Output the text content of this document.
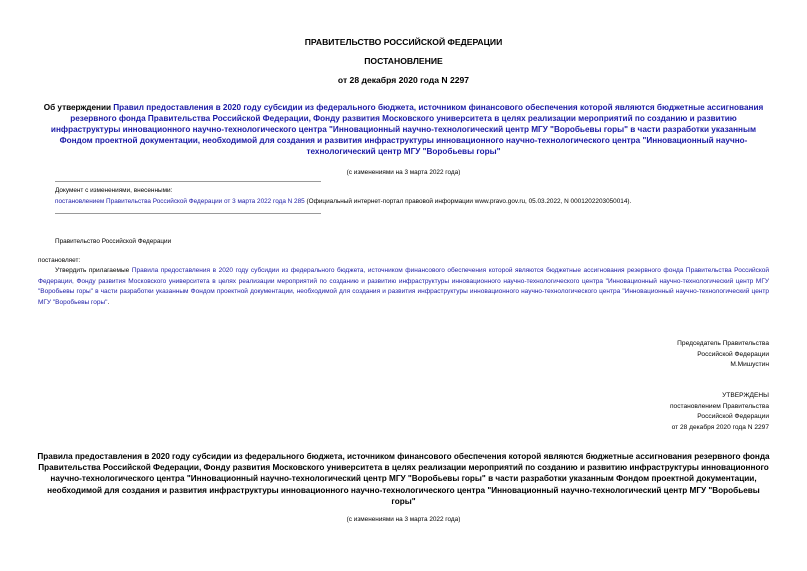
ПРАВИТЕЛЬСТВО РОССИЙСКОЙ ФЕДЕРАЦИИ
ПОСТАНОВЛЕНИЕ
от 28 декабря 2020 года N 2297
Об утверждении Правил предоставления в 2020 году субсидии из федерального бюджета, источником финансового обеспечения которой являются бюджетные ассигнования резервного фонда Правительства Российской Федерации, Фонду развития Московского университета в целях реализации мероприятий по созданию и развитию инфраструктуры инновационного научно-технологического центра "Инновационный научно-технологический центр МГУ "Воробьевы горы" в части разработки указанным Фондом проектной документации, необходимой для создания и развития инфраструктуры инновационного научно-технологического центра "Инновационный научно-технологический центр МГУ "Воробьевы горы"
(с изменениями на 3 марта 2022 года)
Документ с изменениями, внесенными:
постановлением Правительства Российской Федерации от 3 марта 2022 года N 285 (Официальный интернет-портал правовой информации www.pravo.gov.ru, 05.03.2022, N 0001202203050014).
Правительство Российской Федерации
постановляет:
Утвердить прилагаемые Правила предоставления в 2020 году субсидии из федерального бюджета, источником финансового обеспечения которой являются бюджетные ассигнования резервного фонда Правительства Российской Федерации, Фонду развития Московского университета в целях реализации мероприятий по созданию и развитию инфраструктуры инновационного научно-технологического центра "Инновационный научно-технологический центр МГУ "Воробьевы горы" в части разработки указанным Фондом проектной документации, необходимой для создания и развития инфраструктуры инновационного научно-технологического центра "Инновационный научно-технологический центр МГУ "Воробьевы горы".
Председатель Правительства
Российской Федерации
М.Мишустин
УТВЕРЖДЕНЫ
постановлением Правительства
Российской Федерации
от 28 декабря 2020 года N 2297
Правила предоставления в 2020 году субсидии из федерального бюджета, источником финансового обеспечения которой являются бюджетные ассигнования резервного фонда Правительства Российской Федерации, Фонду развития Московского университета в целях реализации мероприятий по созданию и развитию инфраструктуры инновационного научно-технологического центра "Инновационный научно-технологический центр МГУ "Воробьевы горы" в части разработки указанным Фондом проектной документации, необходимой для создания и развития инфраструктуры инновационного научно-технологического центра "Инновационный научно-технологический центр МГУ "Воробьевы горы"
(с изменениями на 3 марта 2022 года)
